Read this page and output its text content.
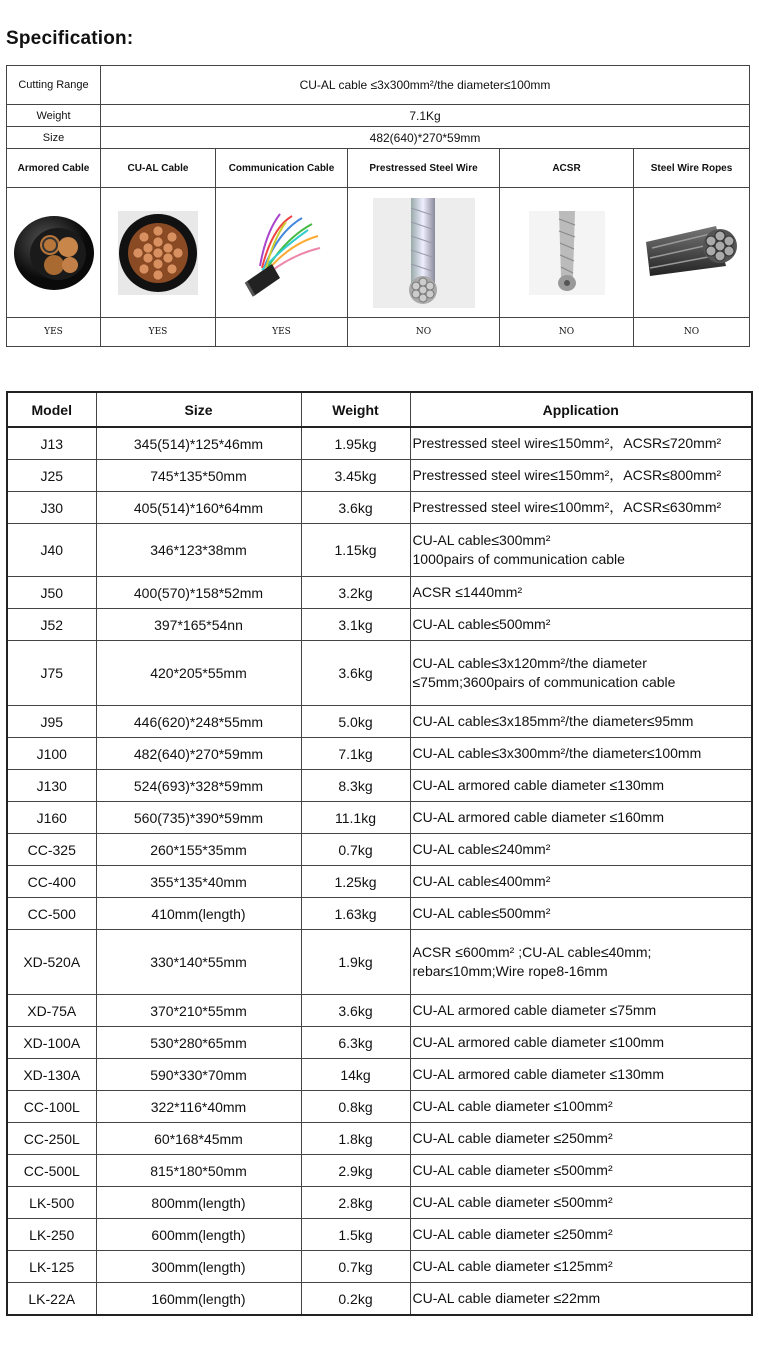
Specification:
Cutting Range	CU-AL cable ≤3x300mm²/the diameter≤100mm				
Weight	7.1Kg				
Size	482(640)*270*59mm				
Armored Cable	CU-AL Cable	Communication Cable	Prestressed Steel Wire	ACSR	Steel Wire Ropes

YES	YES	YES	NO	NO	NO
Model	Size	Weight	Application
J13	345(514)*125*46mm	1.95kg	Prestressed steel wire≤150mm²，ACSR≤720mm²

J25	745*135*50mm	3.45kg	Prestressed steel wire≤150mm²，ACSR≤800mm²

J30	405(514)*160*64mm	3.6kg	Prestressed steel wire≤100mm²，ACSR≤630mm²

J40	346*123*38mm	1.15kg	CU-AL cable≤300mm²
1000pairs of communication cable

J50	400(570)*158*52mm	3.2kg	ACSR ≤1440mm²

J52	397*165*54nn	3.1kg	CU-AL cable≤500mm²

J75	420*205*55mm	3.6kg	CU-AL cable≤3x120mm²/the diameter
≤75mm;3600pairs of communication cable

J95	446(620)*248*55mm	5.0kg	CU-AL cable≤3x185mm²/the diameter≤95mm

J100	482(640)*270*59mm	7.1kg	CU-AL cable≤3x300mm²/the diameter≤100mm

J130	524(693)*328*59mm	8.3kg	CU-AL armored cable diameter ≤130mm

J160	560(735)*390*59mm	11.1kg	CU-AL armored cable diameter ≤160mm

CC-325	260*155*35mm	0.7kg	CU-AL cable≤240mm²

CC-400	355*135*40mm	1.25kg	CU-AL cable≤400mm²

CC-500	410mm(length)	1.63kg	CU-AL cable≤500mm²

XD-520A	330*140*55mm	1.9kg	ACSR ≤600mm² ;CU-AL cable≤40mm;
rebar≤10mm;Wire rope8-16mm

XD-75A	370*210*55mm	3.6kg	CU-AL armored cable diameter ≤75mm

XD-100A	530*280*65mm	6.3kg	CU-AL armored cable diameter ≤100mm

XD-130A	590*330*70mm	14kg	CU-AL armored cable diameter ≤130mm

CC-100L	322*116*40mm	0.8kg	CU-AL cable diameter ≤100mm²

CC-250L	60*168*45mm	1.8kg	CU-AL cable diameter ≤250mm²

CC-500L	815*180*50mm	2.9kg	CU-AL cable diameter ≤500mm²

LK-500	800mm(length)	2.8kg	CU-AL cable diameter ≤500mm²

LK-250	600mm(length)	1.5kg	CU-AL cable diameter ≤250mm²

LK-125	300mm(length)	0.7kg	CU-AL cable diameter ≤125mm²

LK-22A	160mm(length)	0.2kg	CU-AL cable diameter ≤22mm
